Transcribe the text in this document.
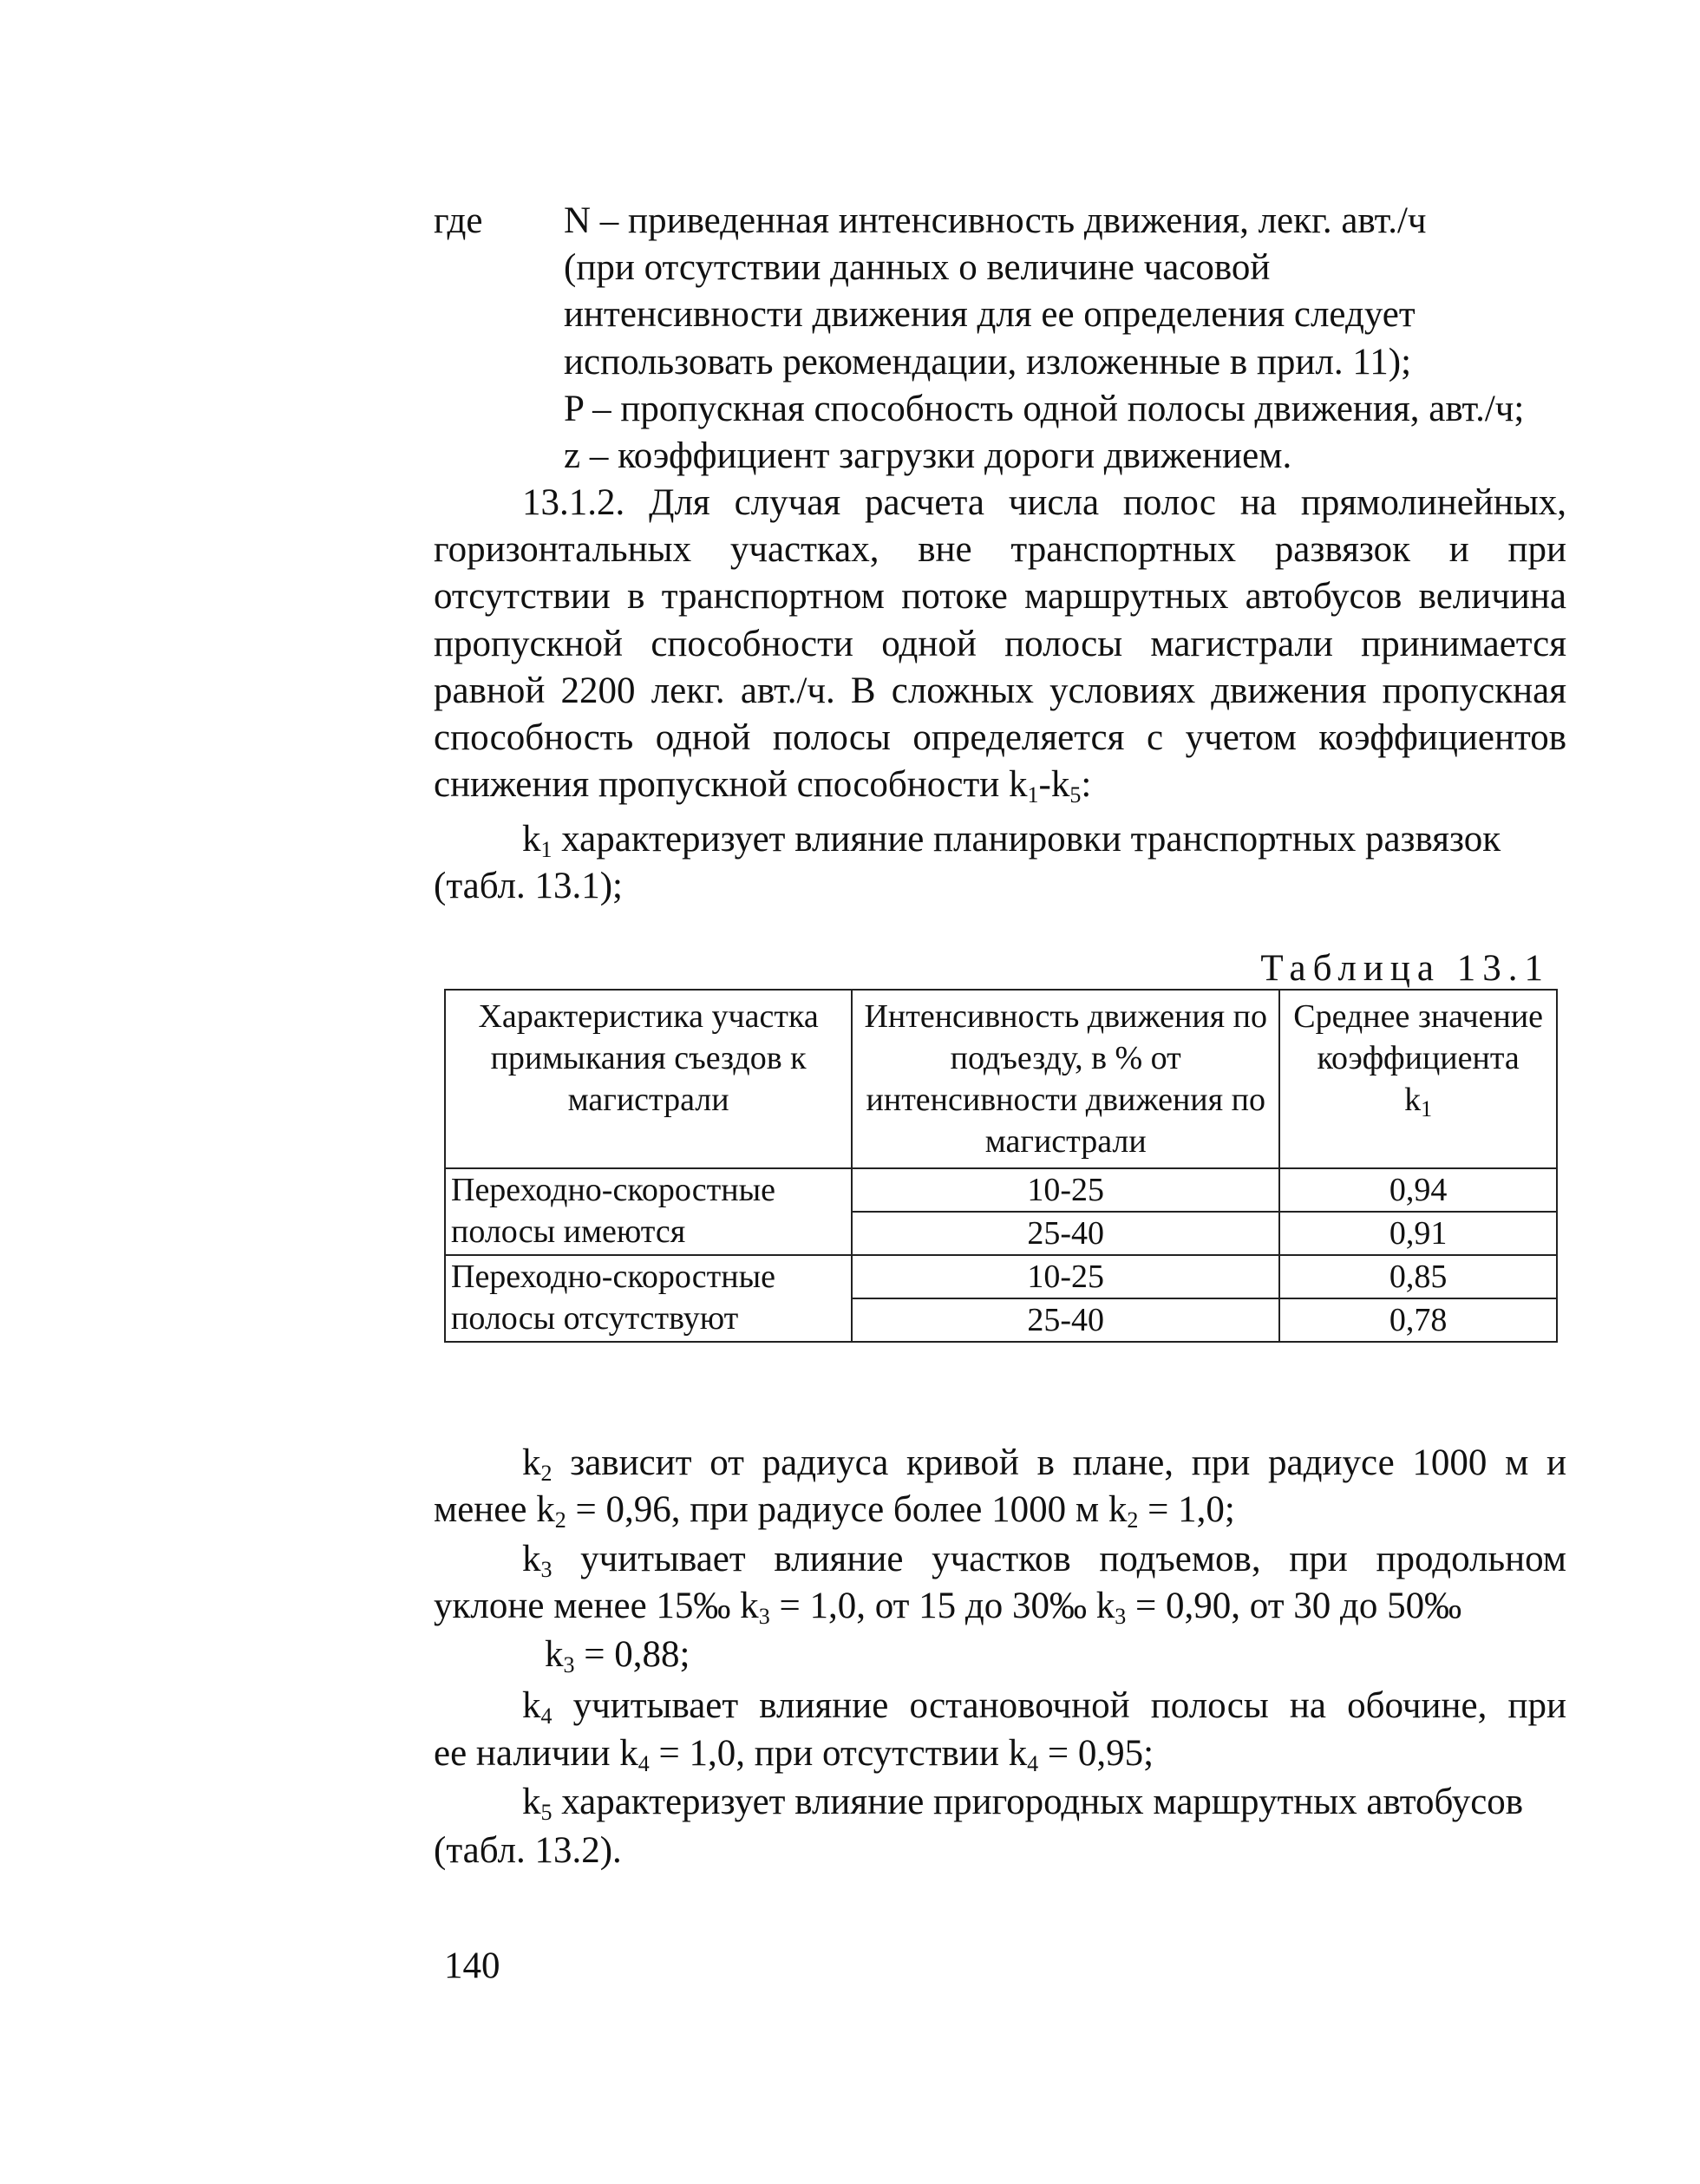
где N – приведенная интенсивность движения, лекг. авт./ч
(при отсутствии данных о величине часовой
интенсивности движения для ее определения следует
использовать рекомендации, изложенные в прил. 11);
P – пропускная способность одной полосы движения, авт./ч;
z – коэффициент загрузки дороги движением.
13.1.2. Для случая расчета числа полос на прямолинейных,
горизонтальных участках, вне транспортных развязок и при
отсутствии в транспортном потоке маршрутных автобусов величина
пропускной способности одной полосы магистрали принимается
равной 2200 лекг. авт./ч. В сложных условиях движения пропускная
способность одной полосы определяется с учетом коэффициентов
снижения пропускной способности $k_1-k_5$:
$k_1$ характеризует влияние планировки транспортных развязок
(табл. 13.1);
Таблица 13.1
Характеристика участка примыкания съездов к магистрали	Интенсивность движения по подъезду, в % от интенсивности движения по магистрали	Среднее значение коэффициента
$k_1$
Переходно-скоростные полосы имеются	10-25	0,94
	25-40	0,91
Переходно-скоростные полосы отсутствуют	10-25	0,85
	25-40	0,78
$k_2$ зависит от радиуса кривой в плане, при радиусе 1000 м и
менее $k_2 = 0,96$, при радиусе более 1000 м $k_2 = 1,0$;
$k_3$ учитывает влияние участков подъемов, при продольном
уклоне менее 15‰ $k_3 = 1,0$, от 15 до 30‰ $k_3 = 0,90$, от 30 до 50‰
$k_3 = 0,88$;
$k_4$ учитывает влияние остановочной полосы на обочине, при
ее наличии $k_4 = 1,0$, при отсутствии $k_4 = 0,95$;
$k_5$ характеризует влияние пригородных маршрутных автобусов
(табл. 13.2).
140
